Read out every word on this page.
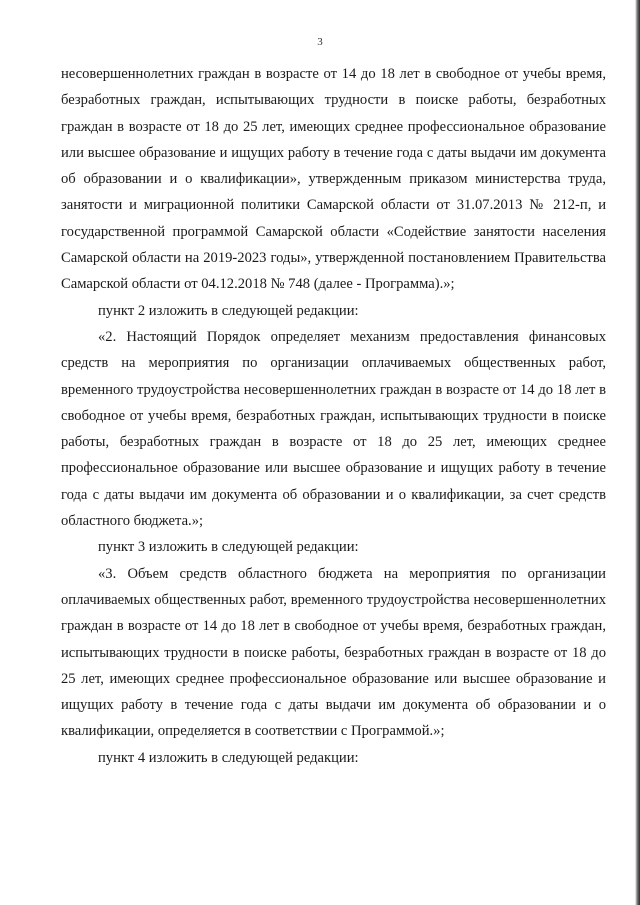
3

несовершеннолетних граждан в возрасте от 14 до 18 лет в свободное от учебы время, безработных граждан, испытывающих трудности в поиске работы, безработных граждан в возрасте от 18 до 25 лет, имеющих среднее профессиональное образование или высшее образование и ищущих работу в течение года с даты выдачи им документа об образовании и о квалификации», утвержденным приказом министерства труда, занятости и миграционной политики Самарской области от 31.07.2013 № 212-п, и государственной программой Самарской области «Содействие занятости населения Самарской области на 2019-2023 годы», утвержденной постановлением Правительства Самарской области от 04.12.2018 № 748 (далее - Программа).»;

пункт 2 изложить в следующей редакции:

«2. Настоящий Порядок определяет механизм предоставления финансовых средств на мероприятия по организации оплачиваемых общественных работ, временного трудоустройства несовершеннолетних граждан в возрасте от 14 до 18 лет в свободное от учебы время, безработных граждан, испытывающих трудности в поиске работы, безработных граждан в возрасте от 18 до 25 лет, имеющих среднее профессиональное образование или высшее образование и ищущих работу в течение года с даты выдачи им документа об образовании и о квалификации, за счет средств областного бюджета.»;

пункт 3 изложить в следующей редакции:

«3. Объем средств областного бюджета на мероприятия по организации оплачиваемых общественных работ, временного трудоустройства несовершеннолетних граждан в возрасте от 14 до 18 лет в свободное от учебы время, безработных граждан, испытывающих трудности в поиске работы, безработных граждан в возрасте от 18 до 25 лет, имеющих среднее профессиональное образование или высшее образование и ищущих работу в течение года с даты выдачи им документа об образовании и о квалификации, определяется в соответствии с Программой.»;

пункт 4 изложить в следующей редакции:
